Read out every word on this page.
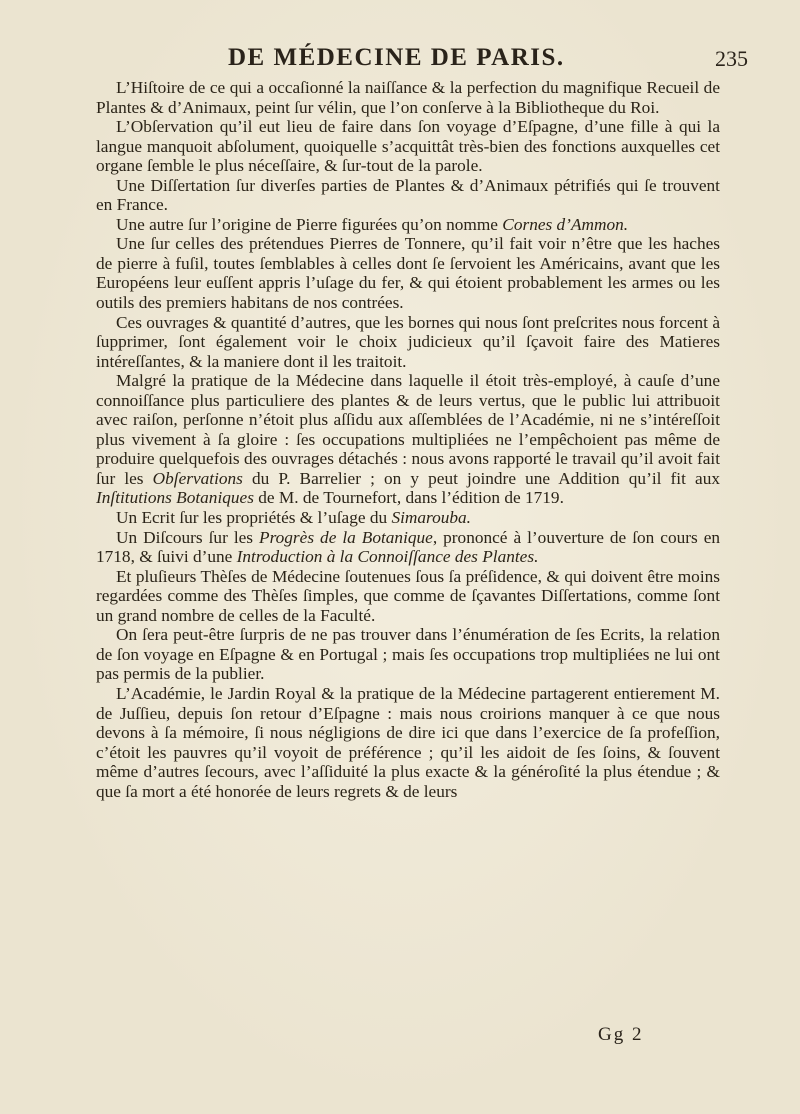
DE MÉDECINE DE PARIS.	235

L’Hiſtoire de ce qui a occaſionné la naiſſance & la perfection du magnifique Recueil de Plantes & d’Animaux, peint ſur vélin, que l’on conſerve à la Bibliotheque du Roi.

L’Obſervation qu’il eut lieu de faire dans ſon voyage d’Eſpagne, d’une fille à qui la langue manquoit abſolument, quoiquelle s’acquittât très-bien des fonctions auxquelles cet organe ſemble le plus néceſſaire, & ſur-tout de la parole.

Une Diſſertation ſur diverſes parties de Plantes & d’Animaux pétrifiés qui ſe trouvent en France.

Une autre ſur l’origine de Pierre figurées qu’on nomme Cornes d’Ammon.

Une ſur celles des prétendues Pierres de Tonnere, qu’il fait voir n’être que les haches de pierre à fuſil, toutes ſemblables à celles dont ſe ſervoient les Américains, avant que les Européens leur euſſent appris l’uſage du fer, & qui étoient probablement les armes ou les outils des premiers habitans de nos contrées.

Ces ouvrages & quantité d’autres, que les bornes qui nous ſont preſcrites nous forcent à ſupprimer, ſont également voir le choix judicieux qu’il ſçavoit faire des Matieres intéreſſantes, & la maniere dont il les traitoit.

Malgré la pratique de la Médecine dans laquelle il étoit très-employé, à cauſe d’une connoiſſance plus particuliere des plantes & de leurs vertus, que le public lui attribuoit avec raiſon, perſonne n’étoit plus aſſidu aux aſſemblées de l’Académie, ni ne s’intéreſſoit plus vivement à ſa gloire : ſes occupations multipliées ne l’empêchoient pas même de produire quelquefois des ouvrages détachés : nous avons rapporté le travail qu’il avoit fait ſur les Obſervations du P. Barrelier ; on y peut joindre une Addition qu’il fit aux Inſtitutions Botaniques de M. de Tournefort, dans l’édition de 1719.

Un Ecrit ſur les propriétés & l’uſage du Simarouba.

Un Diſcours ſur les Progrès de la Botanique, prononcé à l’ouverture de ſon cours en 1718, & ſuivi d’une Introduction à la Connoiſſance des Plantes.

Et pluſieurs Thèſes de Médecine ſoutenues ſous ſa préſidence, & qui doivent être moins regardées comme des Thèſes ſimples, que comme de ſçavantes Diſſertations, comme ſont un grand nombre de celles de la Faculté.

On ſera peut-être ſurpris de ne pas trouver dans l’énumération de ſes Ecrits, la relation de ſon voyage en Eſpagne & en Portugal ; mais ſes occupations trop multipliées ne lui ont pas permis de la publier.

L’Académie, le Jardin Royal & la pratique de la Médecine partagerent entierement M. de Juſſieu, depuis ſon retour d’Eſpagne : mais nous croirions manquer à ce que nous devons à ſa mémoire, ſi nous négligions de dire ici que dans l’exercice de ſa profeſſion, c’étoit les pauvres qu’il voyoit de préférence ; qu’il les aidoit de ſes ſoins, & ſouvent même d’autres ſecours, avec l’aſſiduité la plus exacte & la généroſité la plus étendue ; & que ſa mort a été honorée de leurs regrets & de leurs

Gg 2
